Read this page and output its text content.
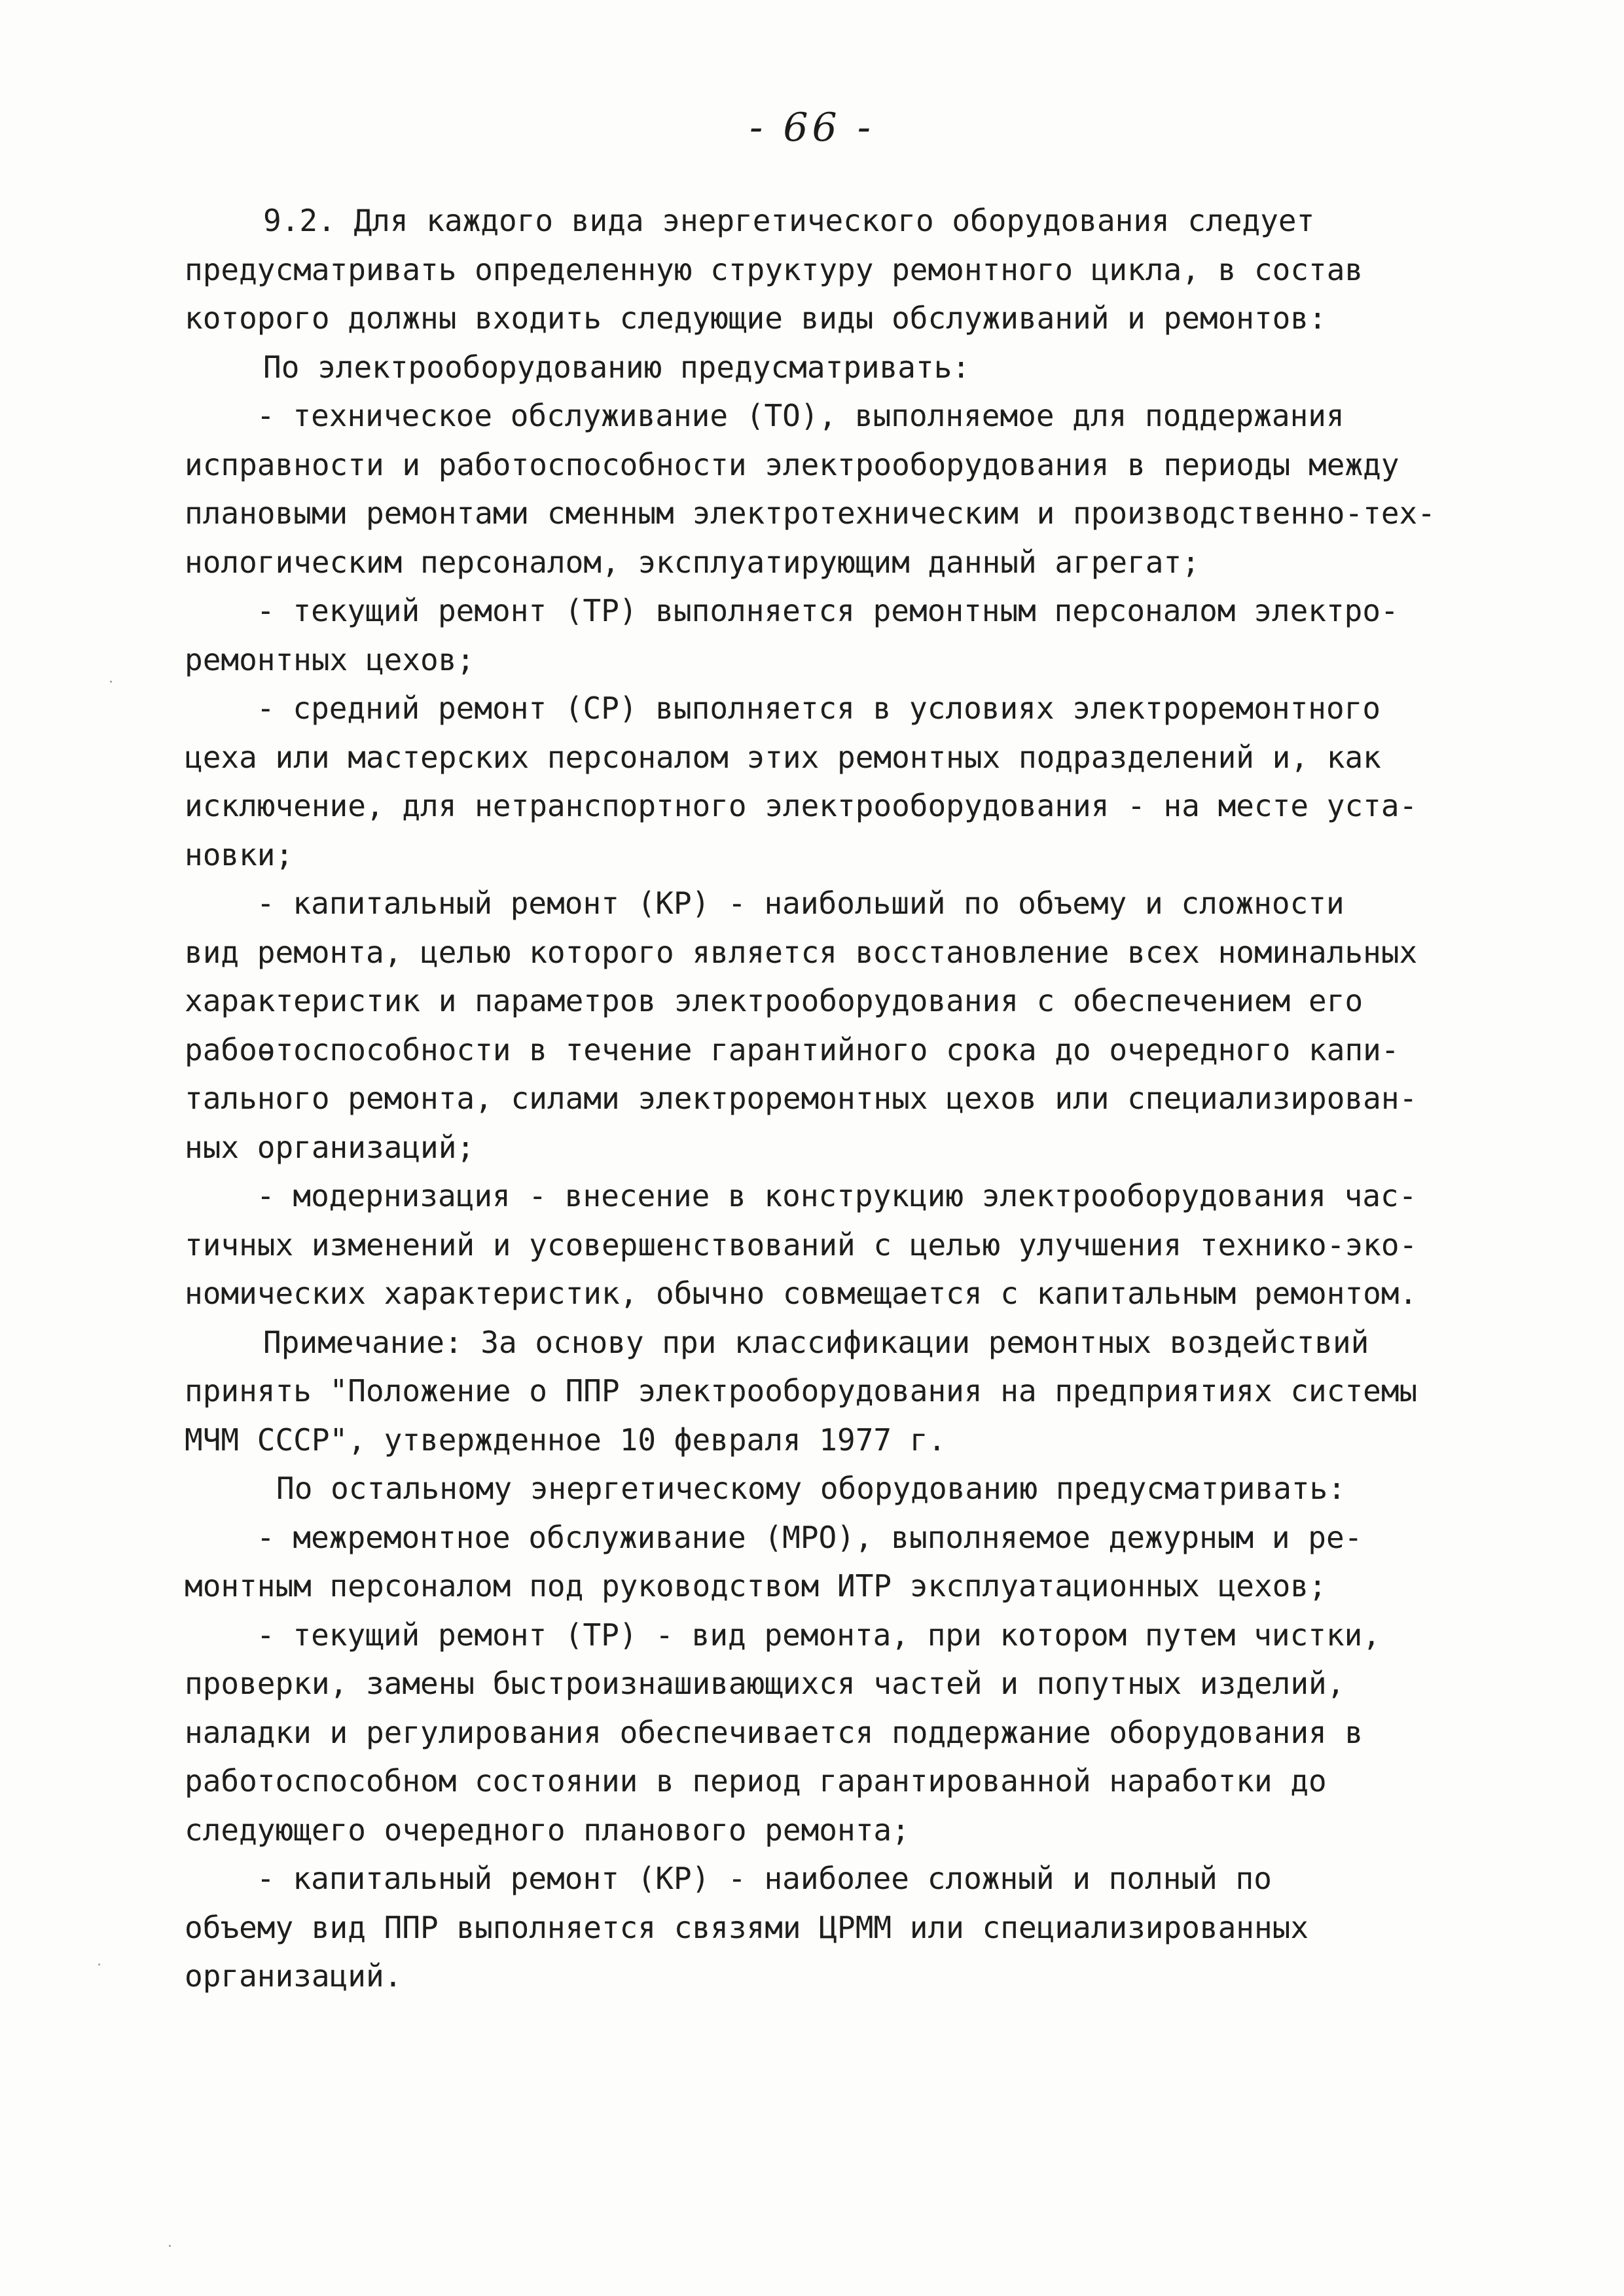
- 66 -
9.2. Для каждого вида энергетического оборудования следует
предусматривать определенную структуру ремонтного цикла, в состав
которого должны входить следующие виды обслуживаний и ремонтов:
По электрооборудованию предусматривать:
- техническое обслуживание (ТО), выполняемое для поддержания
исправности и работоспособности электрооборудования в периоды между
плановыми ремонтами сменным электротехническим и производственно-тех-
нологическим персоналом, эксплуатирующим данный агрегат;
- текущий ремонт (ТР) выполняется ремонтным персоналом электро-
ремонтных цехов;
- средний ремонт (СР) выполняется в условиях электроремонтного
цеха или мастерских персоналом этих ремонтных подразделений и, как
исключение, для нетранспортного электрооборудования - на месте уста-
новки;
- капитальный ремонт (КР) - наибольший по объему и сложности
вид ремонта, целью которого является восстановление всех номинальных
характеристик и параметров электрооборудования с обеспечением его
рабоѳтоспособности в течение гарантийного срока до очередного капи-
тального ремонта, силами электроремонтных цехов или специализирован-
ных организаций;
- модернизация - внесение в конструкцию электрооборудования час-
тичных изменений и усовершенствований с целью улучшения технико-эко-
номических характеристик, обычно совмещается с капитальным ремонтом.
Примечание: За основу при классификации ремонтных воздействий
принять "Положение о ППР электрооборудования на предприятиях системы
МЧМ СССР", утвержденное 10 февраля 1977 г.
По остальному энергетическому оборудованию предусматривать:
- межремонтное обслуживание (МРО), выполняемое дежурным и ре-
монтным персоналом под руководством ИТР эксплуатационных цехов;
- текущий ремонт (ТР) - вид ремонта, при котором путем чистки,
проверки, замены быстроизнашивающихся частей и попутных изделий,
наладки и регулирования обеспечивается поддержание оборудования в
работоспособном состоянии в период гарантированной наработки до
следующего очередного планового ремонта;
- капитальный ремонт (КР) - наиболее сложный и полный по
объему вид ППР выполняется связями ЦРММ или специализированных
организаций.
